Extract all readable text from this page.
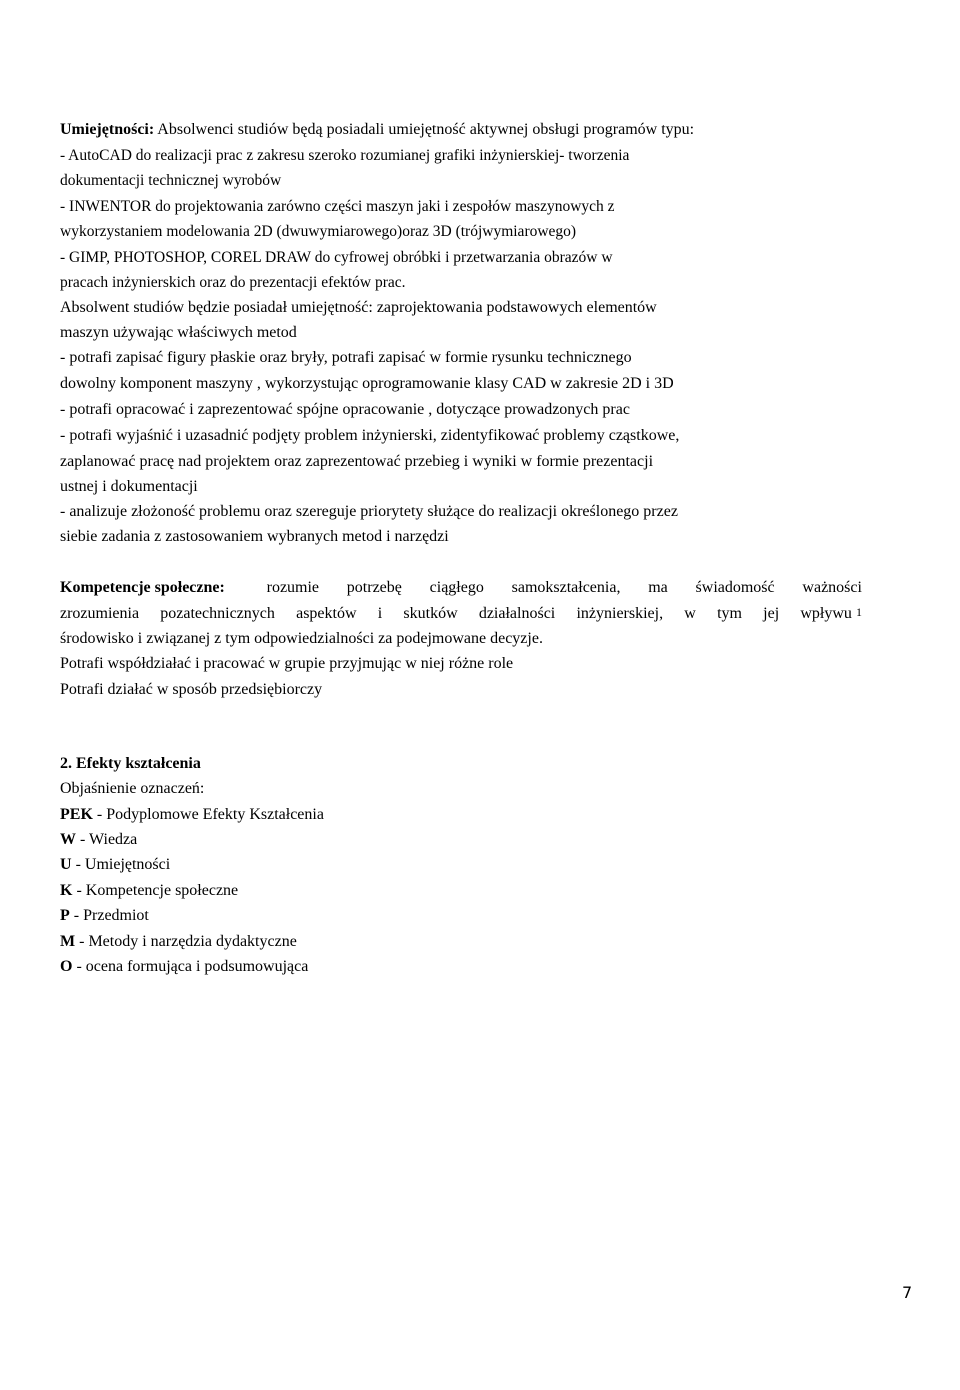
Umiejętności: Absolwenci studiów będą posiadali umiejętność aktywnej obsługi programów typu:
- AutoCAD do realizacji prac z zakresu szeroko rozumianej grafiki inżynierskiej- tworzenia
dokumentacji technicznej wyrobów
- INWENTOR do projektowania zarówno części maszyn jaki i zespołów maszynowych z
wykorzystaniem modelowania 2D (dwuwymiarowego)oraz 3D (trójwymiarowego)
- GIMP, PHOTOSHOP, COREL DRAW do cyfrowej obróbki i przetwarzania obrazów w
pracach inżynierskich oraz do prezentacji efektów prac.
Absolwent studiów będzie posiadał umiejętność: zaprojektowania podstawowych elementów
maszyn używając właściwych metod
- potrafi zapisać figury płaskie oraz bryły, potrafi zapisać w formie rysunku technicznego
dowolny komponent maszyny , wykorzystując oprogramowanie klasy CAD w zakresie 2D i 3D
- potrafi opracować i zaprezentować spójne opracowanie , dotyczące prowadzonych prac
- potrafi wyjaśnić i uzasadnić podjęty problem inżynierski, zidentyfikować problemy cząstkowe,
zaplanować pracę nad projektem oraz zaprezentować przebieg i wyniki w formie prezentacji
ustnej i dokumentacji
- analizuje złożoność problemu oraz szereguje priorytety służące do realizacji określonego przez
siebie zadania z zastosowaniem wybranych metod i narzędzi
Kompetencje społeczne:	rozumie potrzebę ciągłego samokształcenia, ma świadomość ważności
zrozumienia pozatechnicznych aspektów i skutków działalności inżynierskiej, w tym jej wpływu 1
środowisko i związanej z tym odpowiedzialności za podejmowane decyzje.
Potrafi współdziałać i pracować w grupie przyjmując w niej różne role
Potrafi działać w sposób przedsiębiorczy
2. Efekty kształcenia
Objaśnienie oznaczeń:
PEK - Podyplomowe Efekty Kształcenia
W - Wiedza
U - Umiejętności
K - Kompetencje społeczne
P - Przedmiot
M - Metody i narzędzia dydaktyczne
O - ocena formująca i podsumowująca
7
